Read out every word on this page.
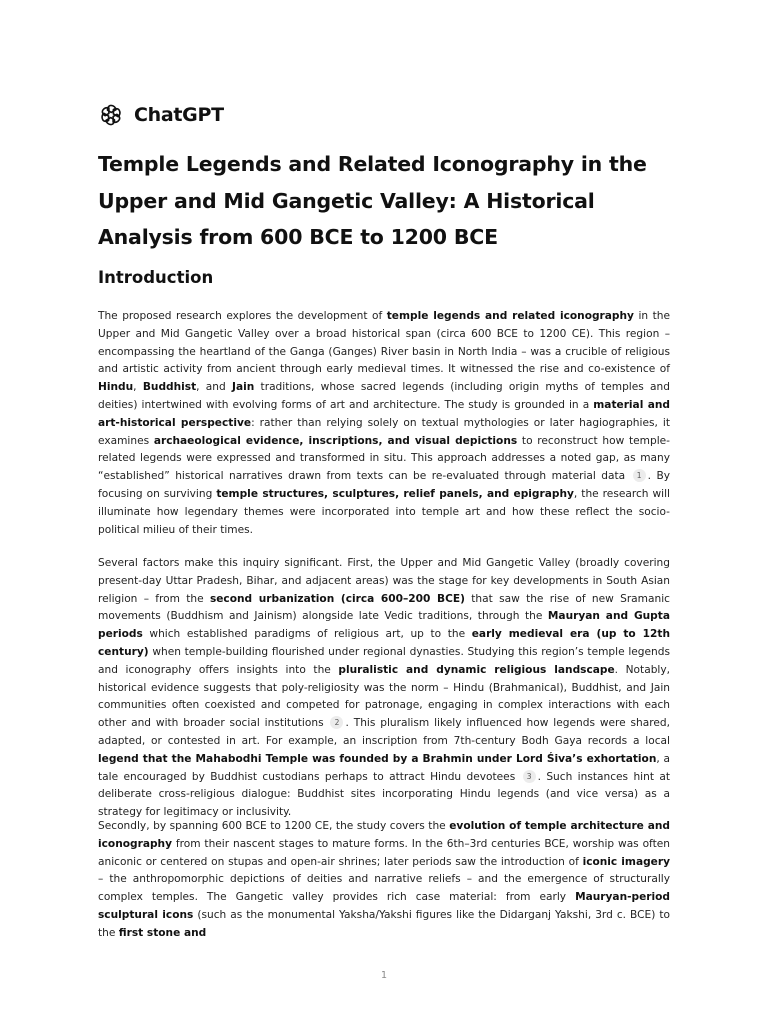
ChatGPT
Temple Legends and Related Iconography in the Upper and Mid Gangetic Valley: A Historical Analysis from 600 BCE to 1200 BCE
Introduction

The proposed research explores the development of temple legends and related iconography in the Upper and Mid Gangetic Valley over a broad historical span (circa 600 BCE to 1200 CE). This region – encompassing the heartland of the Ganga (Ganges) River basin in North India – was a crucible of religious and artistic activity from ancient through early medieval times. It witnessed the rise and co-existence of Hindu, Buddhist, and Jain traditions, whose sacred legends (including origin myths of temples and deities) intertwined with evolving forms of art and architecture. The study is grounded in a material and art-historical perspective: rather than relying solely on textual mythologies or later hagiographies, it examines archaeological evidence, inscriptions, and visual depictions to reconstruct how temple-related legends were expressed and transformed in situ. This approach addresses a noted gap, as many “established” historical narratives drawn from texts can be re-evaluated through material data 1 . By focusing on surviving temple structures, sculptures, relief panels, and epigraphy, the research will illuminate how legendary themes were incorporated into temple art and how these reflect the socio-political milieu of their times.

Several factors make this inquiry significant. First, the Upper and Mid Gangetic Valley (broadly covering present-day Uttar Pradesh, Bihar, and adjacent areas) was the stage for key developments in South Asian religion – from the second urbanization (circa 600–200 BCE) that saw the rise of new Sramanic movements (Buddhism and Jainism) alongside late Vedic traditions, through the Mauryan and Gupta periods which established paradigms of religious art, up to the early medieval era (up to 12th century) when temple-building flourished under regional dynasties. Studying this region’s temple legends and iconography offers insights into the pluralistic and dynamic religious landscape. Notably, historical evidence suggests that poly-religiosity was the norm – Hindu (Brahmanical), Buddhist, and Jain communities often coexisted and competed for patronage, engaging in complex interactions with each other and with broader social institutions 2 . This pluralism likely influenced how legends were shared, adapted, or contested in art. For example, an inscription from 7th-century Bodh Gaya records a local legend that the Mahabodhi Temple was founded by a Brahmin under Lord Śiva’s exhortation, a tale encouraged by Buddhist custodians perhaps to attract Hindu devotees 3 . Such instances hint at deliberate cross-religious dialogue: Buddhist sites incorporating Hindu legends (and vice versa) as a strategy for legitimacy or inclusivity.

Secondly, by spanning 600 BCE to 1200 CE, the study covers the evolution of temple architecture and iconography from their nascent stages to mature forms. In the 6th–3rd centuries BCE, worship was often aniconic or centered on stupas and open-air shrines; later periods saw the introduction of iconic imagery – the anthropomorphic depictions of deities and narrative reliefs – and the emergence of structurally complex temples. The Gangetic valley provides rich case material: from early Mauryan-period sculptural icons (such as the monumental Yaksha/Yakshi figures like the Didarganj Yakshi, 3rd c. BCE) to the first stone and

1
